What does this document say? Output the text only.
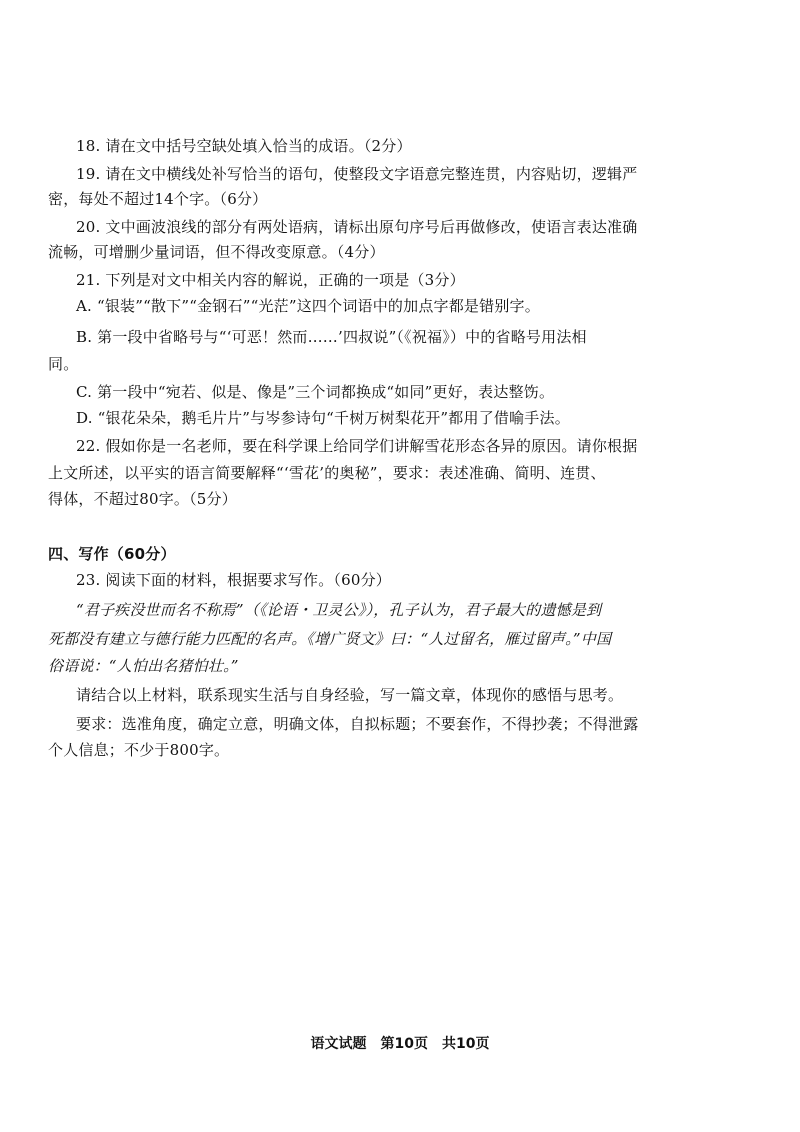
18. 请在文中括号空缺处填入恰当的成语。（2分）
19. 请在文中横线处补写恰当的语句，使整段文字语意完整连贯，内容贴切，逻辑严
密，每处不超过14个字。（6分）
20. 文中画波浪线的部分有两处语病，请标出原句序号后再做修改，使语言表达准确
流畅，可增删少量词语，但不得改变原意。（4分）
21. 下列是对文中相关内容的解说，正确的一项是（3分）
A. “银装”“散下”“金钢石”“光茫”这四个词语中的加点字都是错别字。
B. 第一段中省略号与“‘可恶！然而……’四叔说”（《祝福》）中的省略号用法相
同。
C. 第一段中“宛若、似是、像是”三个词都换成“如同”更好，表达整饬。
D. “银花朵朵，鹅毛片片”与岑参诗句“千树万树梨花开”都用了借喻手法。
22. 假如你是一名老师，要在科学课上给同学们讲解雪花形态各异的原因。请你根据
上文所述，以平实的语言简要解释“‘雪花’的奥秘”，要求：表述准确、简明、连贯、
得体，不超过80字。（5分）
四、写作（60分）
23. 阅读下面的材料，根据要求写作。（60分）
“君子疾没世而名不称焉”（《论语・卫灵公》），孔子认为，君子最大的遗憾是到
死都没有建立与德行能力匹配的名声。《增广贤文》曰：“人过留名，雁过留声。”中国
俗语说：“人怕出名猪怕壮。”
请结合以上材料，联系现实生活与自身经验，写一篇文章，体现你的感悟与思考。
要求：选准角度，确定立意，明确文体，自拟标题；不要套作，不得抄袭；不得泄露
个人信息；不少于800字。
语文试题　第10页　共10页
